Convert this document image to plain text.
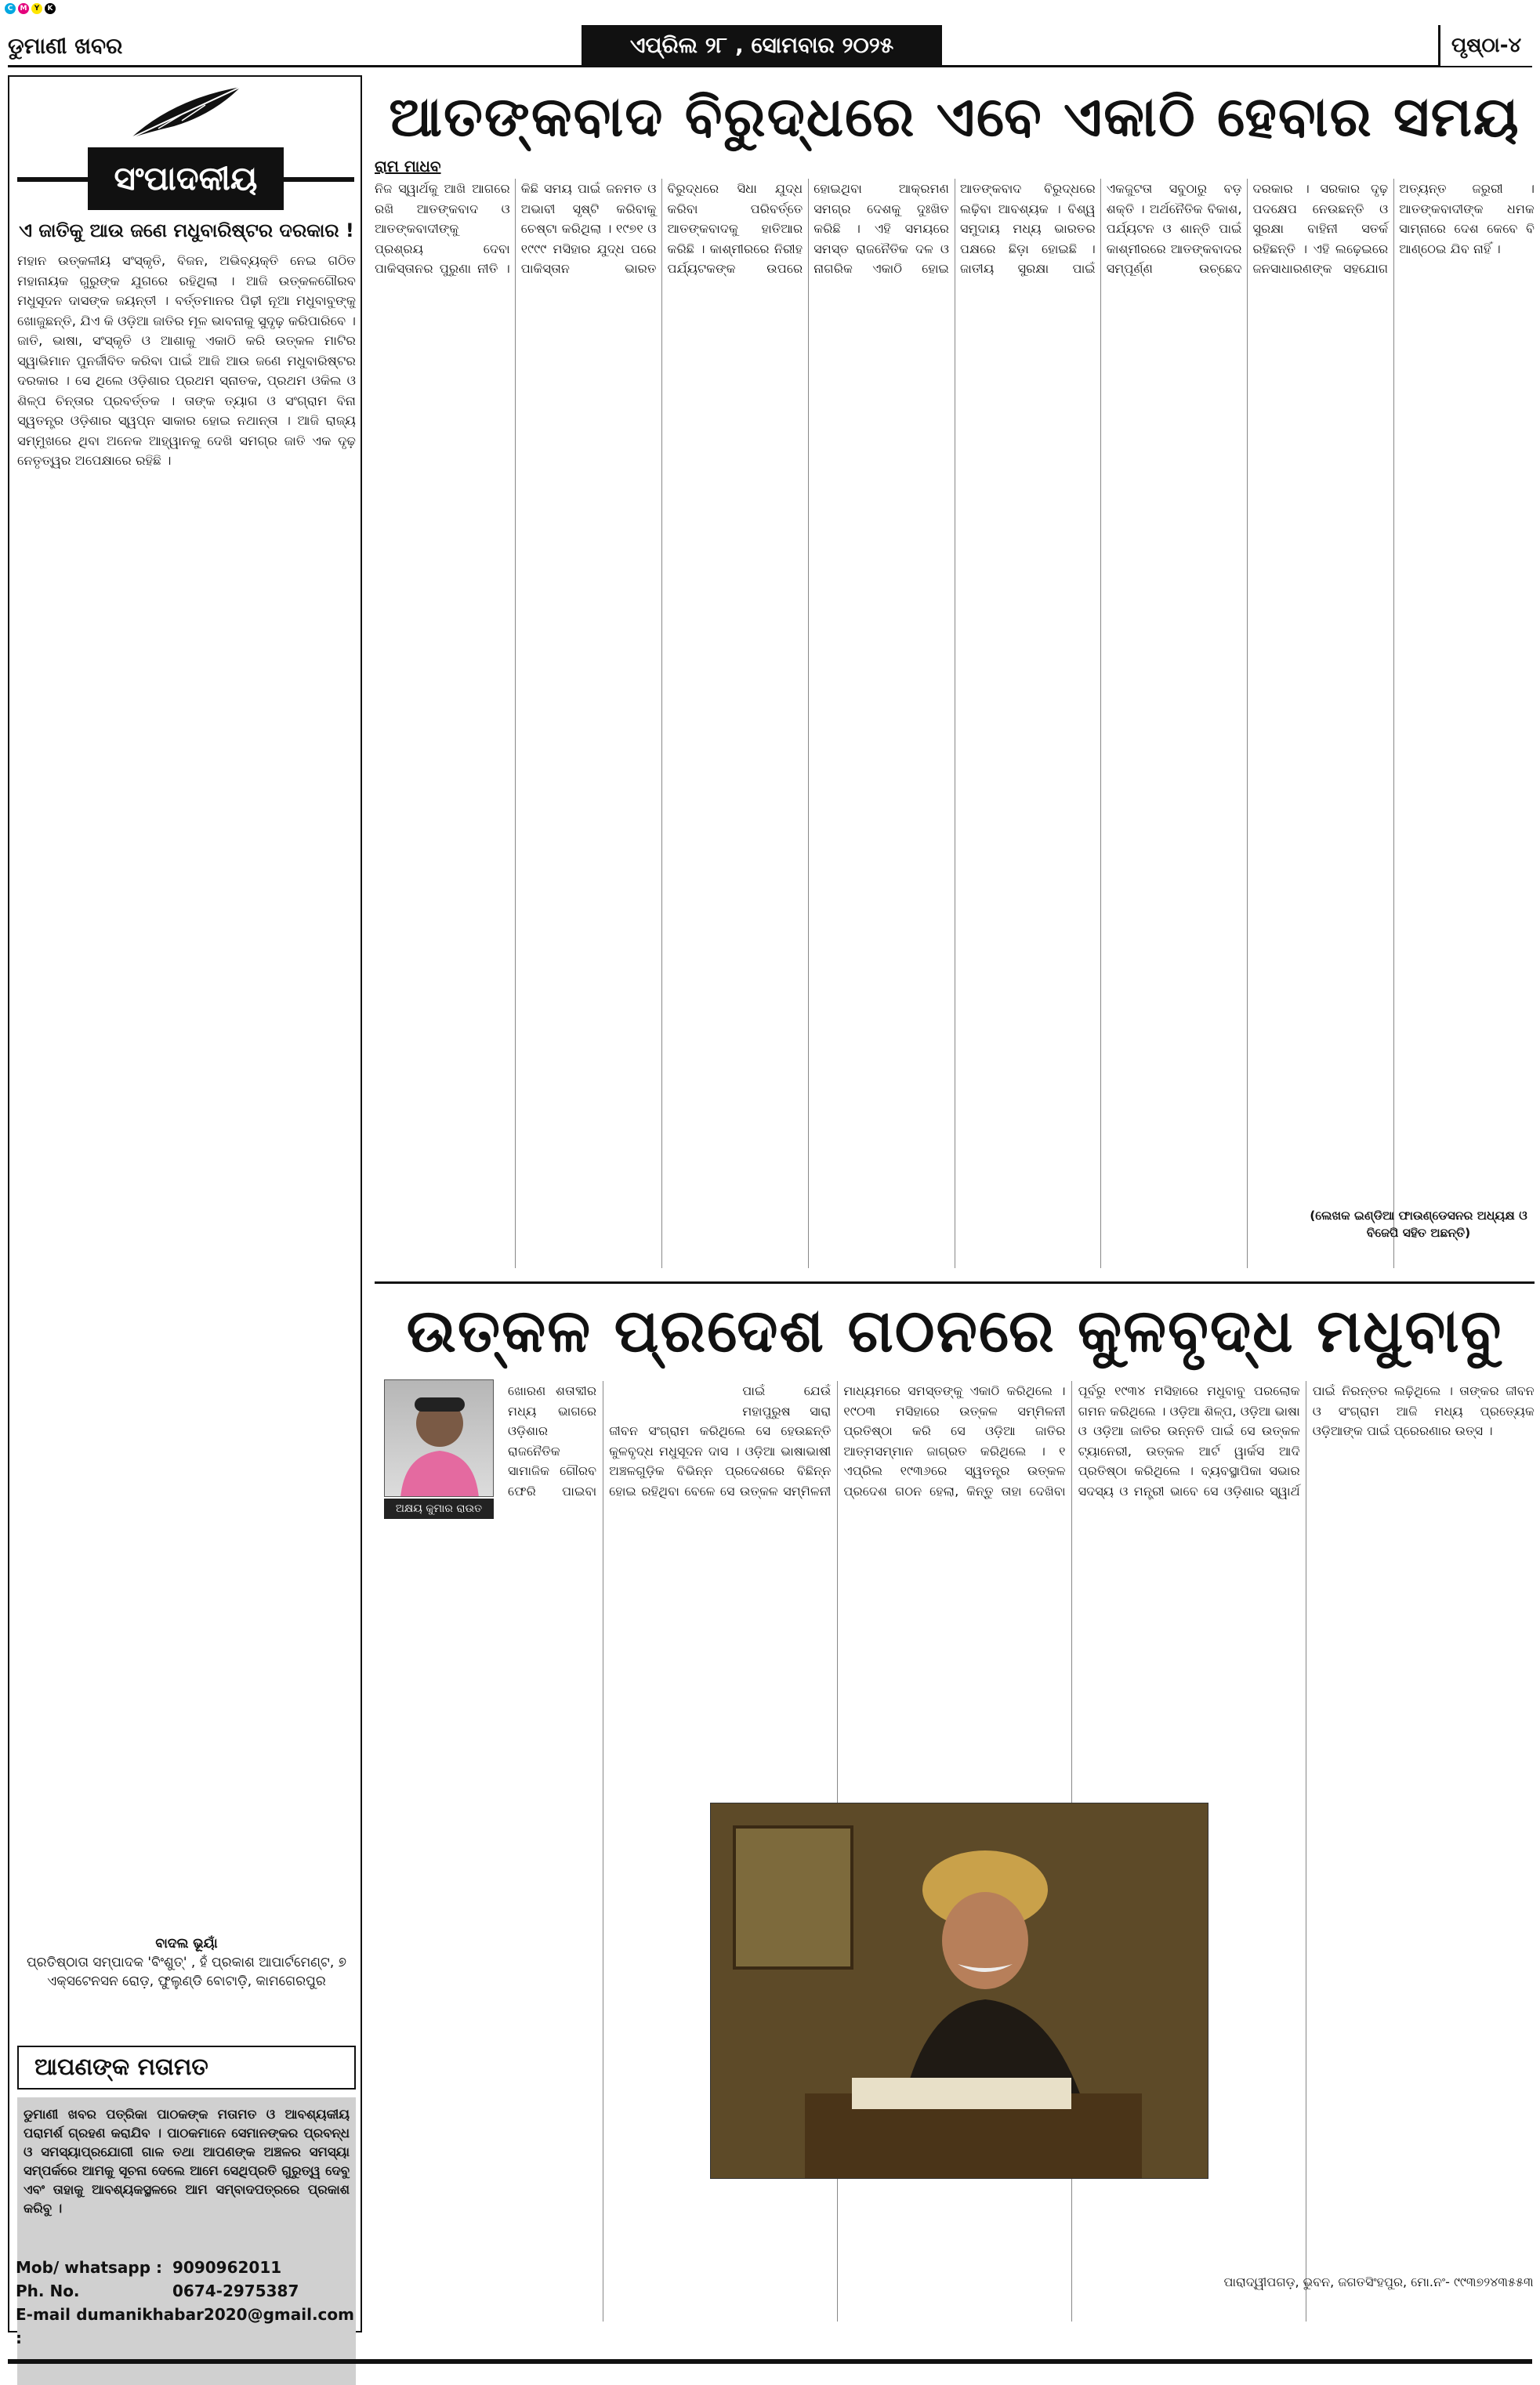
C	M	Y	K
ଡୁମାଣୀ ଖବର	ଏପ୍ରିଲ ୨୮ , ସୋମବାର ୨୦୨୫	ପୃଷ୍ଠା-୪
ସଂପାଦକୀୟ
ଏ ଜାତିକୁ ଆଉ ଜଣେ ମଧୁବାରିଷ୍ଟର ଦରକାର !
ମହାନ ଉତ୍କଳୀୟ ସଂସ୍କୃତି, ବିଜନ, ଅଭିବ୍ୟକ୍ତି ନେଇ ଗଠିତ ମହାନାୟକ ଗୁରୁଙ୍କ ଯୁଗରେ ରହିଥିଲା । ଆଜି ଉତ୍କଳଗୌରବ ମଧୁସୂଦନ ଦାସଙ୍କ ଜୟନ୍ତୀ । ବର୍ତ୍ତମାନର ପିଢ଼ୀ ନୂଆ ମଧୁବାବୁଙ୍କୁ ଖୋଜୁଛନ୍ତି, ଯିଏ କି ଓଡ଼ିଆ ଜାତିର ମୂଳ ଭାବନାକୁ ସୁଦୃଢ଼ କରିପାରିବେ । ଜାତି, ଭାଷା, ସଂସ୍କୃତି ଓ ଆଶାକୁ ଏକାଠି କରି ଉତ୍କଳ ମାଟିର ସ୍ୱାଭିମାନ ପୁନର୍ଜୀବିତ କରିବା ପାଇଁ ଆଜି ଆଉ ଜଣେ ମଧୁବାରିଷ୍ଟର ଦରକାର । ସେ ଥିଲେ ଓଡ଼ିଶାର ପ୍ରଥମ ସ୍ନାତକ, ପ୍ରଥମ ଓକିଲ ଓ ଶିଳ୍ପ ଚିନ୍ତାର ପ୍ରବର୍ତ୍ତକ । ତାଙ୍କ ତ୍ୟାଗ ଓ ସଂଗ୍ରାମ ବିନା ସ୍ୱତନ୍ତ୍ର ଓଡ଼ିଶାର ସ୍ୱପ୍ନ ସାକାର ହୋଇ ନଥାନ୍ତା । ଆଜି ରାଜ୍ୟ ସମ୍ମୁଖରେ ଥିବା ଅନେକ ଆହ୍ୱାନକୁ ଦେଖି ସମଗ୍ର ଜାତି ଏକ ଦୃଢ଼ ନେତୃତ୍ୱର ଅପେକ୍ଷାରେ ରହିଛି ।
ବାଦଲ ଭୂୟାଁ
ପ୍ରତିଷ୍ଠାତା ସମ୍ପାଦକ 'ବିଂଶୁତ୍' , ହଁ ପ୍ରକାଶ ଆପାର୍ଟମେଣ୍ଟ, ୭ ଏକ୍ସଟେନସନ ରୋଡ଼, ଫୁଲୁଣ୍ଡି ବୋଟାଡ଼ି, କାମଗେରପୁର
ଆପଣଙ୍କ ମତାମତ
ଡୁମାଣୀ ଖବର ପତ୍ରିକା ପାଠକଙ୍କ ମତାମତ ଓ ଆବଶ୍ୟକୀୟ ପରାମର୍ଶ ଗ୍ରହଣ କରାଯିବ । ପାଠକମାନେ ସେମାନଙ୍କର ପ୍ରବନ୍ଧ ଓ ସମସ୍ୟାପ୍ରଯୋଗୀ ଗାଳ ତଥା ଆପଣଙ୍କ ଅଞ୍ଚଳର ସମସ୍ୟା ସମ୍ପର୍କରେ ଆମକୁ ସୂଚନା ଦେଲେ ଆମେ ସେଥିପ୍ରତି ଗୁରୁତ୍ୱ ଦେବୁ ଏବଂ ତାହାକୁ ଆବଶ୍ୟକସ୍ଥଳରେ ଆମ ସମ୍ବାଦପତ୍ରରେ ପ୍ରକାଶ କରିବୁ ।
Mob/ whatsapp : 9090962011
Ph. No.	0674-2975387
E-mail :
dumanikhabar2020@gmail.com
ଆତଙ୍କବାଦ ବିରୁଦ୍ଧରେ ଏବେ ଏକାଠି ହେବାର ସମୟ
ରାମ ମାଧବ
ନିଜ ସ୍ୱାର୍ଥକୁ ଆଖି ଆଗରେ ରଖି ଆତଙ୍କବାଦ ଓ ଆତଙ୍କବାଦୀଙ୍କୁ ପ୍ରଶ୍ରୟ ଦେବା ପାକିସ୍ତାନର ପୁରୁଣା ନୀତି । କିଛି ସମୟ ପାଇଁ ଜନମତ ଓ ଅଭାବୀ ସୃଷ୍ଟି କରିବାକୁ ଚେଷ୍ଟା କରିଥିଲା । ୧୯୭୧ ଓ ୧୯୯୯ ମସିହାର ଯୁଦ୍ଧ ପରେ ପାକିସ୍ତାନ ଭାରତ ବିରୁଦ୍ଧରେ ସିଧା ଯୁଦ୍ଧ କରିବା ପରିବର୍ତ୍ତେ ଆତଙ୍କବାଦକୁ ହାତିଆର କରିଛି । କାଶ୍ମୀରରେ ନିରୀହ ପର୍ଯ୍ୟଟକଙ୍କ ଉପରେ ହୋଇଥିବା ଆକ୍ରମଣ ସମଗ୍ର ଦେଶକୁ ଦୁଃଖିତ କରିଛି । ଏହି ସମୟରେ ସମସ୍ତ ରାଜନୈତିକ ଦଳ ଓ ନାଗରିକ ଏକାଠି ହୋଇ ଆତଙ୍କବାଦ ବିରୁଦ୍ଧରେ ଲଢ଼ିବା ଆବଶ୍ୟକ । ବିଶ୍ୱ ସମୁଦାୟ ମଧ୍ୟ ଭାରତର ପକ୍ଷରେ ଛିଡ଼ା ହୋଇଛି । ଜାତୀୟ ସୁରକ୍ଷା ପାଇଁ ଏକଜୁଟତା ସବୁଠାରୁ ବଡ଼ ଶକ୍ତି । ଅର୍ଥନୈତିକ ବିକାଶ, ପର୍ଯ୍ୟଟନ ଓ ଶାନ୍ତି ପାଇଁ କାଶ୍ମୀରରେ ଆତଙ୍କବାଦର ସମ୍ପୂର୍ଣ୍ଣ ଉଚ୍ଛେଦ ଦରକାର । ସରକାର ଦୃଢ଼ ପଦକ୍ଷେପ ନେଉଛନ୍ତି ଓ ସୁରକ୍ଷା ବାହିନୀ ସତର୍କ ରହିଛନ୍ତି । ଏହି ଲଢ଼େଇରେ ଜନସାଧାରଣଙ୍କ ସହଯୋଗ ଅତ୍ୟନ୍ତ ଜରୁରୀ । ଆତଙ୍କବାଦୀଙ୍କ ଧମକ ସାମ୍ନାରେ ଦେଶ କେବେ ବି ଆଣ୍ଠେଇ ଯିବ ନାହିଁ ।
(ଲେଖକ ଇଣ୍ଡିଆ ଫାଉଣ୍ଡେସନର ଅଧ୍ୟକ୍ଷ ଓ ବିଜେପି ସହିତ ଅଛନ୍ତି)
ଉତ୍କଳ ପ୍ରଦେଶ ଗଠନରେ କୁଳବୃଦ୍ଧ ମଧୁବାବୁ
ଖୋରଣ ଶତାବ୍ଦୀର ମଧ୍ୟ ଭାଗରେ ଓଡ଼ିଶାର ରାଜନୈତିକ ସାମାଜିକ ଗୌରବ ଫେରି ପାଇବା ପାଇଁ ଯେଉଁ ମହାପୁରୁଷ ସାରା ଜୀବନ ସଂଗ୍ରାମ କରିଥିଲେ ସେ ହେଉଛନ୍ତି କୁଳବୃଦ୍ଧ ମଧୁସୂଦନ ଦାସ । ଓଡ଼ିଆ ଭାଷାଭାଷୀ ଅଞ୍ଚଳଗୁଡ଼ିକ ବିଭିନ୍ନ ପ୍ରଦେଶରେ ବିଛିନ୍ନ ହୋଇ ରହିଥିବା ବେଳେ ସେ ଉତ୍କଳ ସମ୍ମିଳନୀ ମାଧ୍ୟମରେ ସମସ୍ତଙ୍କୁ ଏକାଠି କରିଥିଲେ । ୧୯୦୩ ମସିହାରେ ଉତ୍କଳ ସମ୍ମିଳନୀ ପ୍ରତିଷ୍ଠା କରି ସେ ଓଡ଼ିଆ ଜାତିର ଆତ୍ମସମ୍ମାନ ଜାଗ୍ରତ କରିଥିଲେ । ୧ ଏପ୍ରିଲ ୧୯୩୬ରେ ସ୍ୱତନ୍ତ୍ର ଉତ୍କଳ ପ୍ରଦେଶ ଗଠନ ହେଲା, କିନ୍ତୁ ତାହା ଦେଖିବା ପୂର୍ବରୁ ୧୯୩୪ ମସିହାରେ ମଧୁବାବୁ ପରଲୋକ ଗମନ କରିଥିଲେ । ଓଡ଼ିଆ ଶିଳ୍ପ, ଓଡ଼ିଆ ଭାଷା ଓ ଓଡ଼ିଆ ଜାତିର ଉନ୍ନତି ପାଇଁ ସେ ଉତ୍କଳ ଟ୍ୟାନେରୀ, ଉତ୍କଳ ଆର୍ଟ ୱାର୍କସ ଆଦି ପ୍ରତିଷ୍ଠା କରିଥିଲେ । ବ୍ୟବସ୍ଥାପିକା ସଭାର ସଦସ୍ୟ ଓ ମନ୍ତ୍ରୀ ଭାବେ ସେ ଓଡ଼ିଶାର ସ୍ୱାର୍ଥ ପାଇଁ ନିରନ୍ତର ଲଢ଼ିଥିଲେ । ତାଙ୍କର ଜୀବନ ଓ ସଂଗ୍ରାମ ଆଜି ମଧ୍ୟ ପ୍ରତ୍ୟେକ ଓଡ଼ିଆଙ୍କ ପାଇଁ ପ୍ରେରଣାର ଉତ୍ସ ।
ଅକ୍ଷୟ କୁମାର ରାଉତ
ପାରାଦ୍ୱୀପଗଡ଼, ଭୁବନ, ଜଗତସିଂହପୁର, ମୋ.ନଂ- ୯୯୩୭୨୪୩୫୫୩
